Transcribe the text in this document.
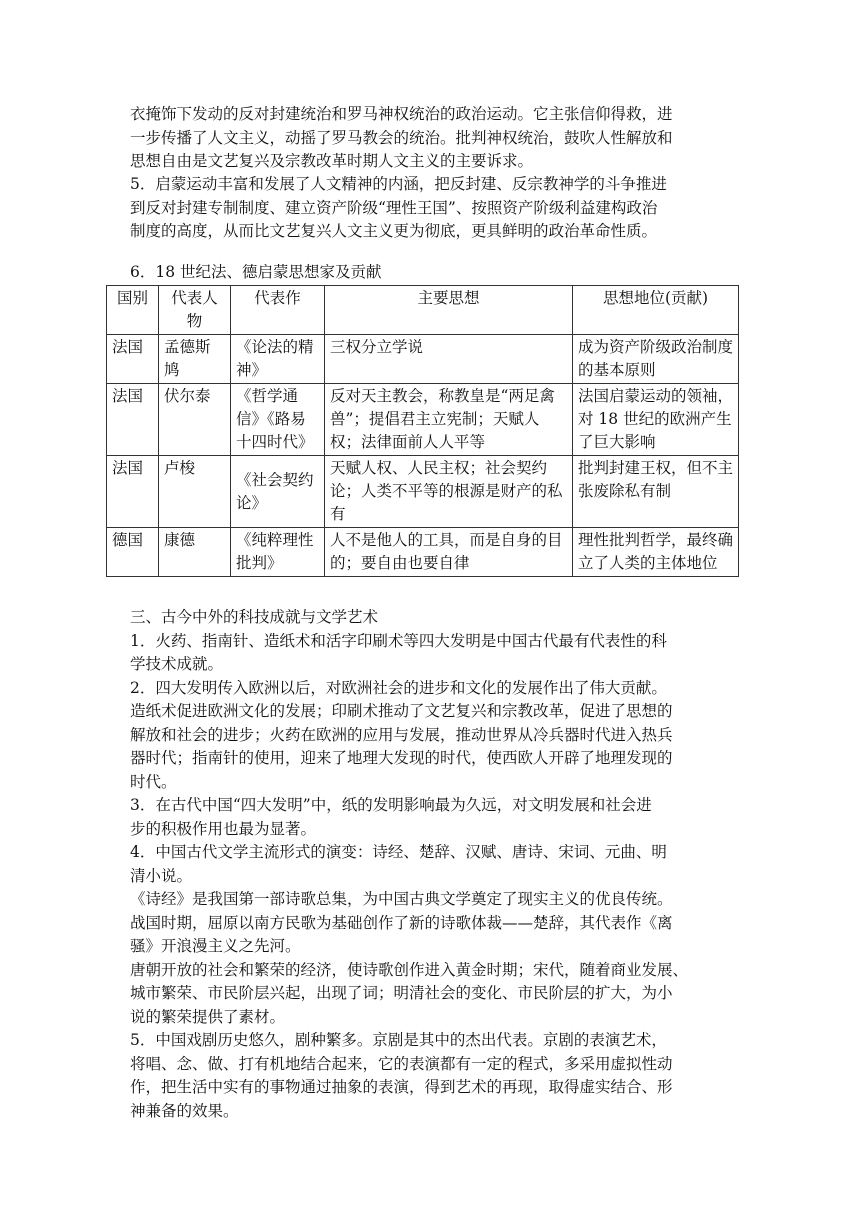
衣掩饰下发动的反对封建统治和罗马神权统治的政治运动。它主张信仰得救，进
一步传播了人文主义，动摇了罗马教会的统治。批判神权统治，鼓吹人性解放和
思想自由是文艺复兴及宗教改革时期人文主义的主要诉求。
5．启蒙运动丰富和发展了人文精神的内涵，把反封建、反宗教神学的斗争推进
到反对封建专制制度、建立资产阶级“理性王国”、按照资产阶级利益建构政治
制度的高度，从而比文艺复兴人文主义更为彻底，更具鲜明的政治革命性质。
6．18 世纪法、德启蒙思想家及贡献
国别	代表人物	代表作	主要思想	思想地位(贡献)
法国	孟德斯鸠	《论法的精神》	三权分立学说	成为资产阶级政治制度的基本原则
法国	伏尔泰	《哲学通信》《路易十四时代》	反对天主教会，称教皇是“两足禽兽”；提倡君主立宪制；天赋人权；法律面前人人平等	法国启蒙运动的领袖，对 18 世纪的欧洲产生了巨大影响
法国	卢梭	《社会契约论》	天赋人权、人民主权；社会契约论；人类不平等的根源是财产的私有	批判封建王权，但不主张废除私有制
德国	康德	《纯粹理性批判》	人不是他人的工具，而是自身的目的；要自由也要自律	理性批判哲学，最终确立了人类的主体地位
三、古今中外的科技成就与文学艺术
1．火药、指南针、造纸术和活字印刷术等四大发明是中国古代最有代表性的科
学技术成就。
2．四大发明传入欧洲以后，对欧洲社会的进步和文化的发展作出了伟大贡献。
造纸术促进欧洲文化的发展；印刷术推动了文艺复兴和宗教改革，促进了思想的
解放和社会的进步；火药在欧洲的应用与发展，推动世界从冷兵器时代进入热兵
器时代；指南针的使用，迎来了地理大发现的时代，使西欧人开辟了地理发现的
时代。
3．在古代中国“四大发明”中，纸的发明影响最为久远，对文明发展和社会进
步的积极作用也最为显著。
4．中国古代文学主流形式的演变：诗经、楚辞、汉赋、唐诗、宋词、元曲、明
清小说。
《诗经》是我国第一部诗歌总集，为中国古典文学奠定了现实主义的优良传统。
战国时期，屈原以南方民歌为基础创作了新的诗歌体裁——楚辞，其代表作《离
骚》开浪漫主义之先河。
唐朝开放的社会和繁荣的经济，使诗歌创作进入黄金时期；宋代，随着商业发展、
城市繁荣、市民阶层兴起，出现了词；明清社会的变化、市民阶层的扩大，为小
说的繁荣提供了素材。
5．中国戏剧历史悠久，剧种繁多。京剧是其中的杰出代表。京剧的表演艺术，
将唱、念、做、打有机地结合起来，它的表演都有一定的程式，多采用虚拟性动
作，把生活中实有的事物通过抽象的表演，得到艺术的再现，取得虚实结合、形
神兼备的效果。
